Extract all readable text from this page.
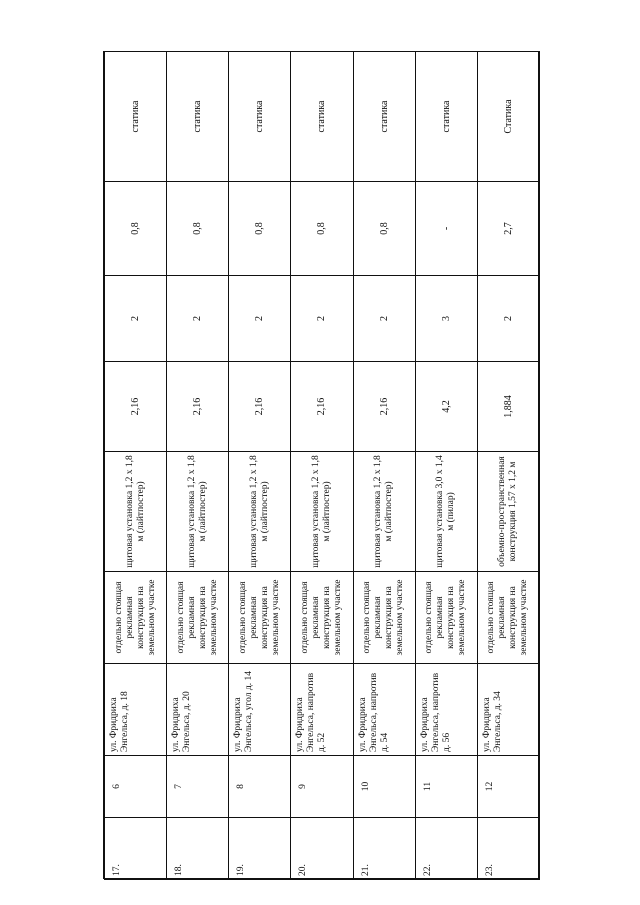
17.	6	ул. Фридриха Энгельса, д. 18	отдельно стоящая рекламная конструкция на земельном участке	щитовая установка 1,2 х 1,8 м (лайтпостер)	2,16	2	0,8	статика
18.	7	ул. Фридриха Энгельса, д. 20	отдельно стоящая рекламная конструкция на земельном участке	щитовая установка 1,2 х 1,8 м (лайтпостер)	2,16	2	0,8	статика
19.	8	ул. Фридриха Энгельса, угол д. 14	отдельно стоящая рекламная конструкция на земельном участке	щитовая установка 1,2 х 1,8 м (лайтпостер)	2,16	2	0,8	статика
20.	9	ул. Фридриха Энгельса, напротив д. 52	отдельно стоящая рекламная конструкция на земельном участке	щитовая установка 1,2 х 1,8 м (лайтпостер)	2,16	2	0,8	статика
21.	10	ул. Фридриха Энгельса, напротив д. 54	отдельно стоящая рекламная конструкция на земельном участке	щитовая установка 1,2 х 1,8 м (лайтпостер)	2,16	2	0,8	статика
22.	11	ул. Фридриха Энгельса, напротив д. 56	отдельно стоящая рекламная конструкция на земельном участке	щитовая установка 3,0 х 1,4 м (пилар)	4,2	3	-	статика
23.	12	ул. Фридриха Энгельса, д. 34	отдельно стоящая рекламная конструкция на земельном участке	объемно-пространственная конструкция 1,57 х 1,2 м	1,884	2	2,7	Статика
